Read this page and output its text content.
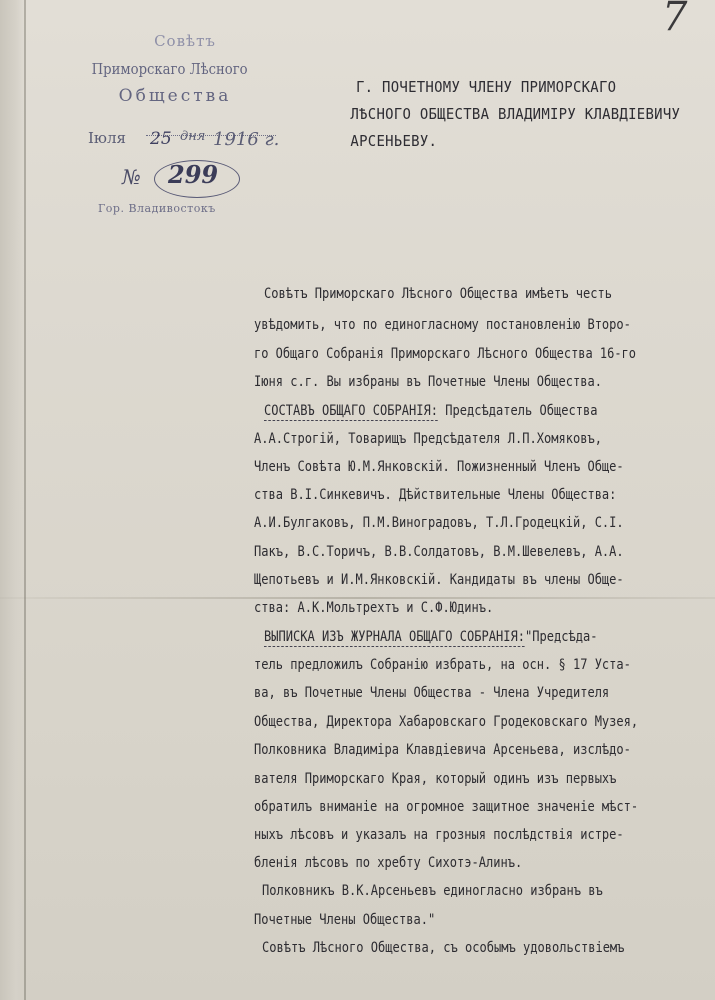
7
Совѣтъ
Приморскаго Лѣсного
Общества
Іюля 25 дня 1916 г.
№ 299
Гор. Владивостокъ
Г. ПОЧЕТНОМУ ЧЛЕНУ ПРИМОРСКАГО
ЛѢСНОГО ОБЩЕСТВА ВЛАДИМІРУ КЛАВДІЕВИЧУ
АРСЕНЬЕВУ.
Совѣтъ Приморскаго Лѣсного Общества имѣетъ честь
увѣдомить, что по единогласному постановленію Второ-
го Общаго Собранія Приморскаго Лѣсного Общества 16-го
Іюня с.г. Вы избраны въ Почетные Члены Общества.
СОСТАВЪ ОБЩАГО СОБРАНІЯ: Предсѣдатель Общества
А.А.Строгій, Товарищъ Предсѣдателя Л.П.Хомяковъ,
Членъ Совѣта Ю.М.Янковскій. Пожизненный Членъ Обще-
ства В.І.Синкевичъ. Дѣйствительные Члены Общества:
А.И.Булгаковъ, П.М.Виноградовъ, Т.Л.Гродецкій, С.І.
Пакъ, В.С.Торичъ, В.В.Солдатовъ, В.М.Шевелевъ, А.А.
Щепотьевъ и И.М.Янковскій. Кандидаты въ члены Обще-
ства: А.К.Мольтрехтъ и С.Ф.Юдинъ.
ВЫПИСКА ИЗЪ ЖУРНАЛА ОБЩАГО СОБРАНІЯ:"Предсѣда-
тель предложилъ Собранію избрать, на осн. § 17 Уста-
ва, въ Почетные Члены Общества - Члена Учредителя
Общества, Директора Хабаровскаго Гродековскаго Музея,
Полковника Владиміра Клавдіевича Арсеньева, изслѣдо-
вателя Приморскаго Края, который одинъ изъ первыхъ
обратилъ вниманіе на огромное защитное значеніе мѣст-
ныхъ лѣсовъ и указалъ на грозныя послѣдствія истре-
бленія лѣсовъ по хребту Сихотэ-Алинъ.
Полковникъ В.К.Арсеньевъ единогласно избранъ въ
Почетные Члены Общества."
Совѣтъ Лѣсного Общества, съ особымъ удовольствіемъ
